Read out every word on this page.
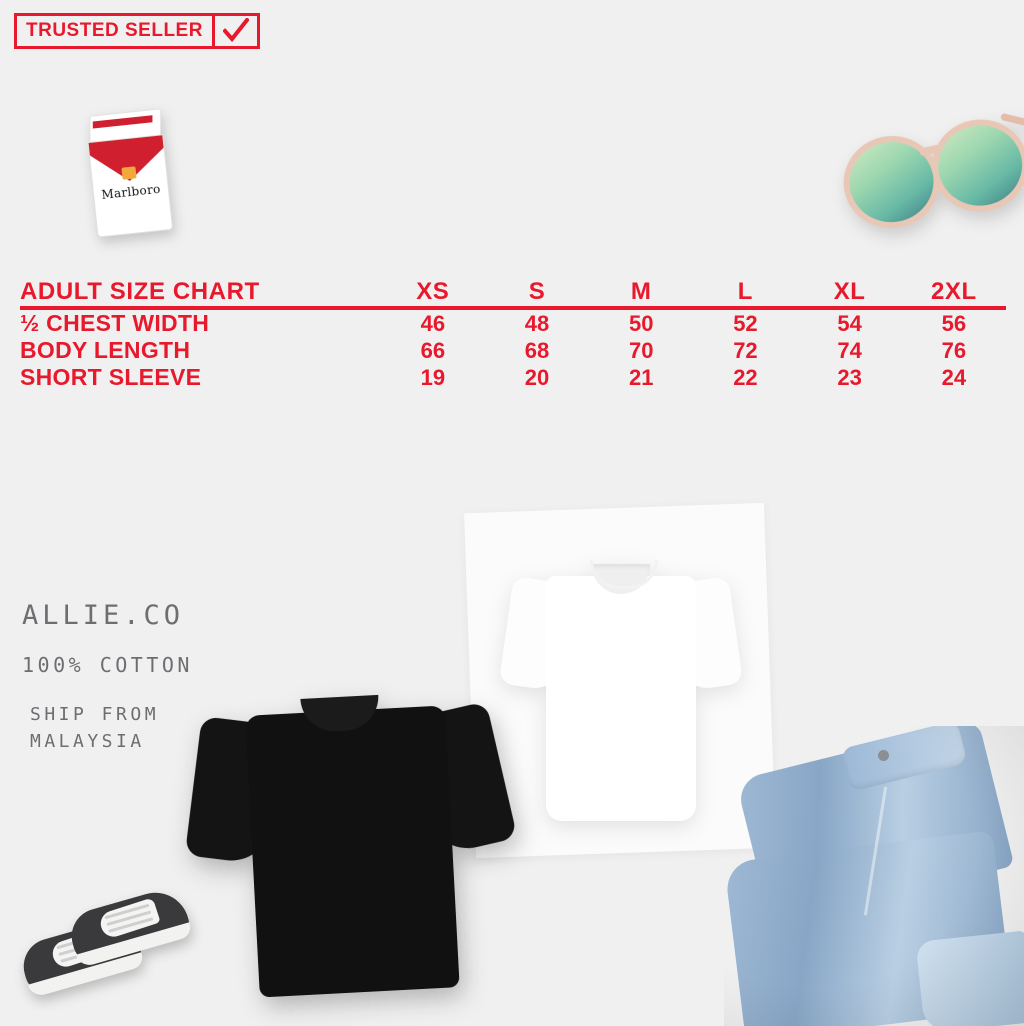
TRUSTED SELLER
Marlboro
ADULT SIZE CHART	XS	S	M	L	XL	2XL

½ CHEST WIDTH	46	48	50	52	54	56
BODY LENGTH	66	68	70	72	74	76
SHORT SLEEVE	19	20	21	22	23	24
ALLIE.CO
100% COTTON
SHIP FROM
MALAYSIA
